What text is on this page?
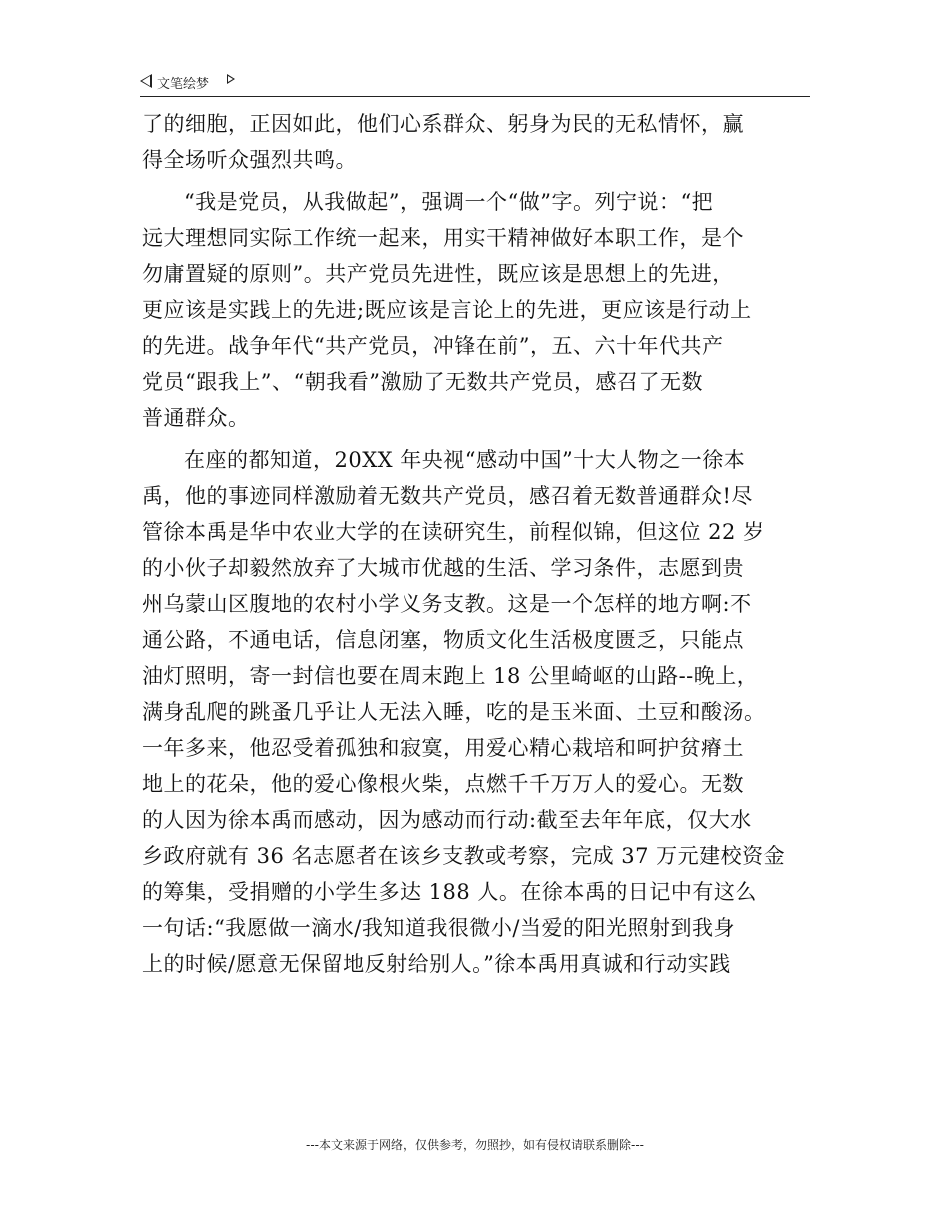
文笔绘梦
了的细胞，正因如此，他们心系群众、躬身为民的无私情怀，赢
得全场听众强烈共鸣。
“我是党员，从我做起”，强调一个“做”字。列宁说：“把
远大理想同实际工作统一起来，用实干精神做好本职工作，是个
勿庸置疑的原则”。共产党员先进性，既应该是思想上的先进，
更应该是实践上的先进;既应该是言论上的先进，更应该是行动上
的先进。战争年代“共产党员，冲锋在前”，五、六十年代共产
党员“跟我上”、“朝我看”激励了无数共产党员，感召了无数
普通群众。
在座的都知道，20XX 年央视“感动中国”十大人物之一徐本
禹，他的事迹同样激励着无数共产党员，感召着无数普通群众!尽
管徐本禹是华中农业大学的在读研究生，前程似锦，但这位 22 岁
的小伙子却毅然放弃了大城市优越的生活、学习条件，志愿到贵
州乌蒙山区腹地的农村小学义务支教。这是一个怎样的地方啊:不
通公路，不通电话，信息闭塞，物质文化生活极度匮乏，只能点
油灯照明，寄一封信也要在周末跑上 18 公里崎岖的山路--晚上，
满身乱爬的跳蚤几乎让人无法入睡，吃的是玉米面、土豆和酸汤。
一年多来，他忍受着孤独和寂寞，用爱心精心栽培和呵护贫瘠土
地上的花朵，他的爱心像根火柴，点燃千千万万人的爱心。无数
的人因为徐本禹而感动，因为感动而行动:截至去年年底，仅大水
乡政府就有 36 名志愿者在该乡支教或考察，完成 37 万元建校资金
的筹集，受捐赠的小学生多达 188 人。在徐本禹的日记中有这么
一句话:“我愿做一滴水/我知道我很微小/当爱的阳光照射到我身
上的时候/愿意无保留地反射给别人。”徐本禹用真诚和行动实践
---本文来源于网络，仅供参考，勿照抄，如有侵权请联系删除---
